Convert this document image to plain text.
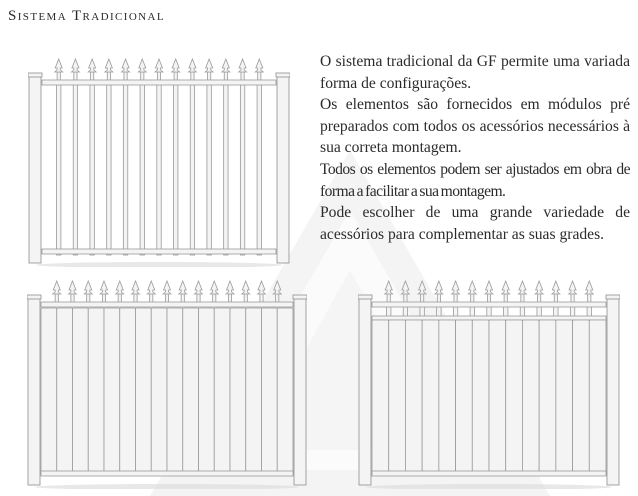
Sistema Tradicional

O sistema tradicional da GF permite uma variada forma de configurações.

Os elementos são fornecidos em módulos pré preparados com todos os acessórios necessários à sua correta montagem.

Todos os elementos podem ser ajustados em obra de forma a facilitar a sua montagem.

Pode escolher de uma grande variedade de acessórios para complementar as suas grades.
